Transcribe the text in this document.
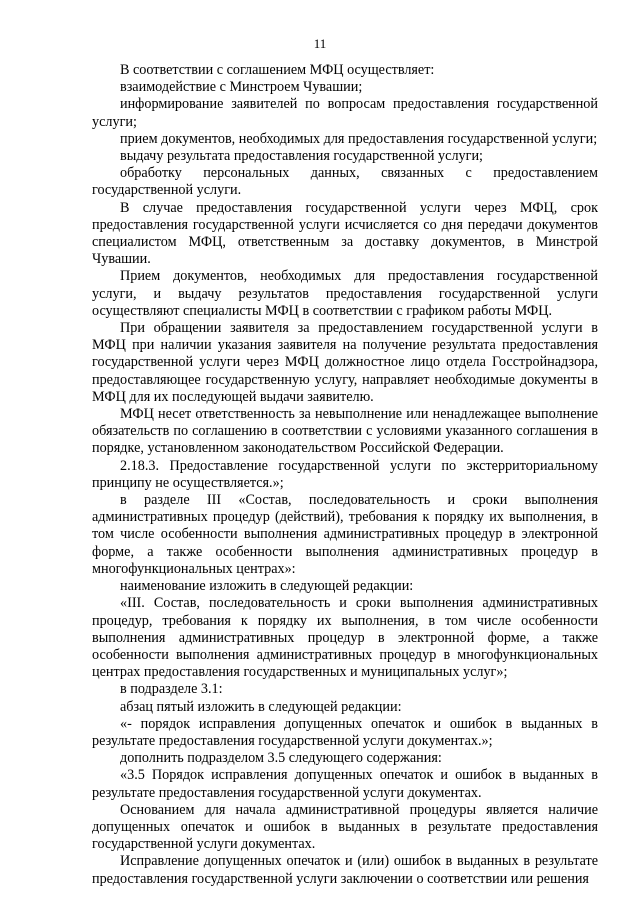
11

В соответствии с соглашением МФЦ осуществляет:

взаимодействие с Минстроем Чувашии;

информирование заявителей по вопросам предоставления государственной услуги;

прием документов, необходимых для предоставления государственной услуги;

выдачу результата предоставления государственной услуги;

обработку персональных данных, связанных с предоставлением государственной услуги.

В случае предоставления государственной услуги через МФЦ, срок предоставления государственной услуги исчисляется со дня передачи документов специалистом МФЦ, ответственным за доставку документов, в Минстрой Чувашии.

Прием документов, необходимых для предоставления государственной услуги, и выдачу результатов предоставления государственной услуги осуществляют специалисты МФЦ в соответствии с графиком работы МФЦ.

При обращении заявителя за предоставлением государственной услуги в МФЦ при наличии указания заявителя на получение результата предоставления государственной услуги через МФЦ должностное лицо отдела Госстройнадзора, предоставляющее государственную услугу, направляет необходимые документы в МФЦ для их последующей выдачи заявителю.

МФЦ несет ответственность за невыполнение или ненадлежащее выполнение обязательств по соглашению в соответствии с условиями указанного соглашения в порядке, установленном законодательством Российской Федерации.

2.18.3. Предоставление государственной услуги по экстерриториальному принципу не осуществляется.»;

в разделе III «Состав, последовательность и сроки выполнения административных процедур (действий), требования к порядку их выполнения, в том числе особенности выполнения административных процедур в электронной форме, а также особенности выполнения административных процедур в многофункциональных центрах»:

наименование изложить в следующей редакции:

«III. Состав, последовательность и сроки выполнения административных процедур, требования к порядку их выполнения, в том числе особенности выполнения административных процедур в электронной форме, а также особенности выполнения административных процедур в многофункциональных центрах предоставления государственных и муниципальных услуг»;

в подразделе 3.1:

абзац пятый изложить в следующей редакции:

«- порядок исправления допущенных опечаток и ошибок в выданных в результате предоставления государственной услуги документах.»;

дополнить подразделом 3.5 следующего содержания:

«3.5 Порядок исправления допущенных опечаток и ошибок в выданных в результате предоставления государственной услуги документах.

Основанием для начала административной процедуры является наличие допущенных опечаток и ошибок в выданных в результате предоставления государственной услуги документах.

Исправление допущенных опечаток и (или) ошибок в выданных в результате предоставления государственной услуги заключении о соответствии или решения
